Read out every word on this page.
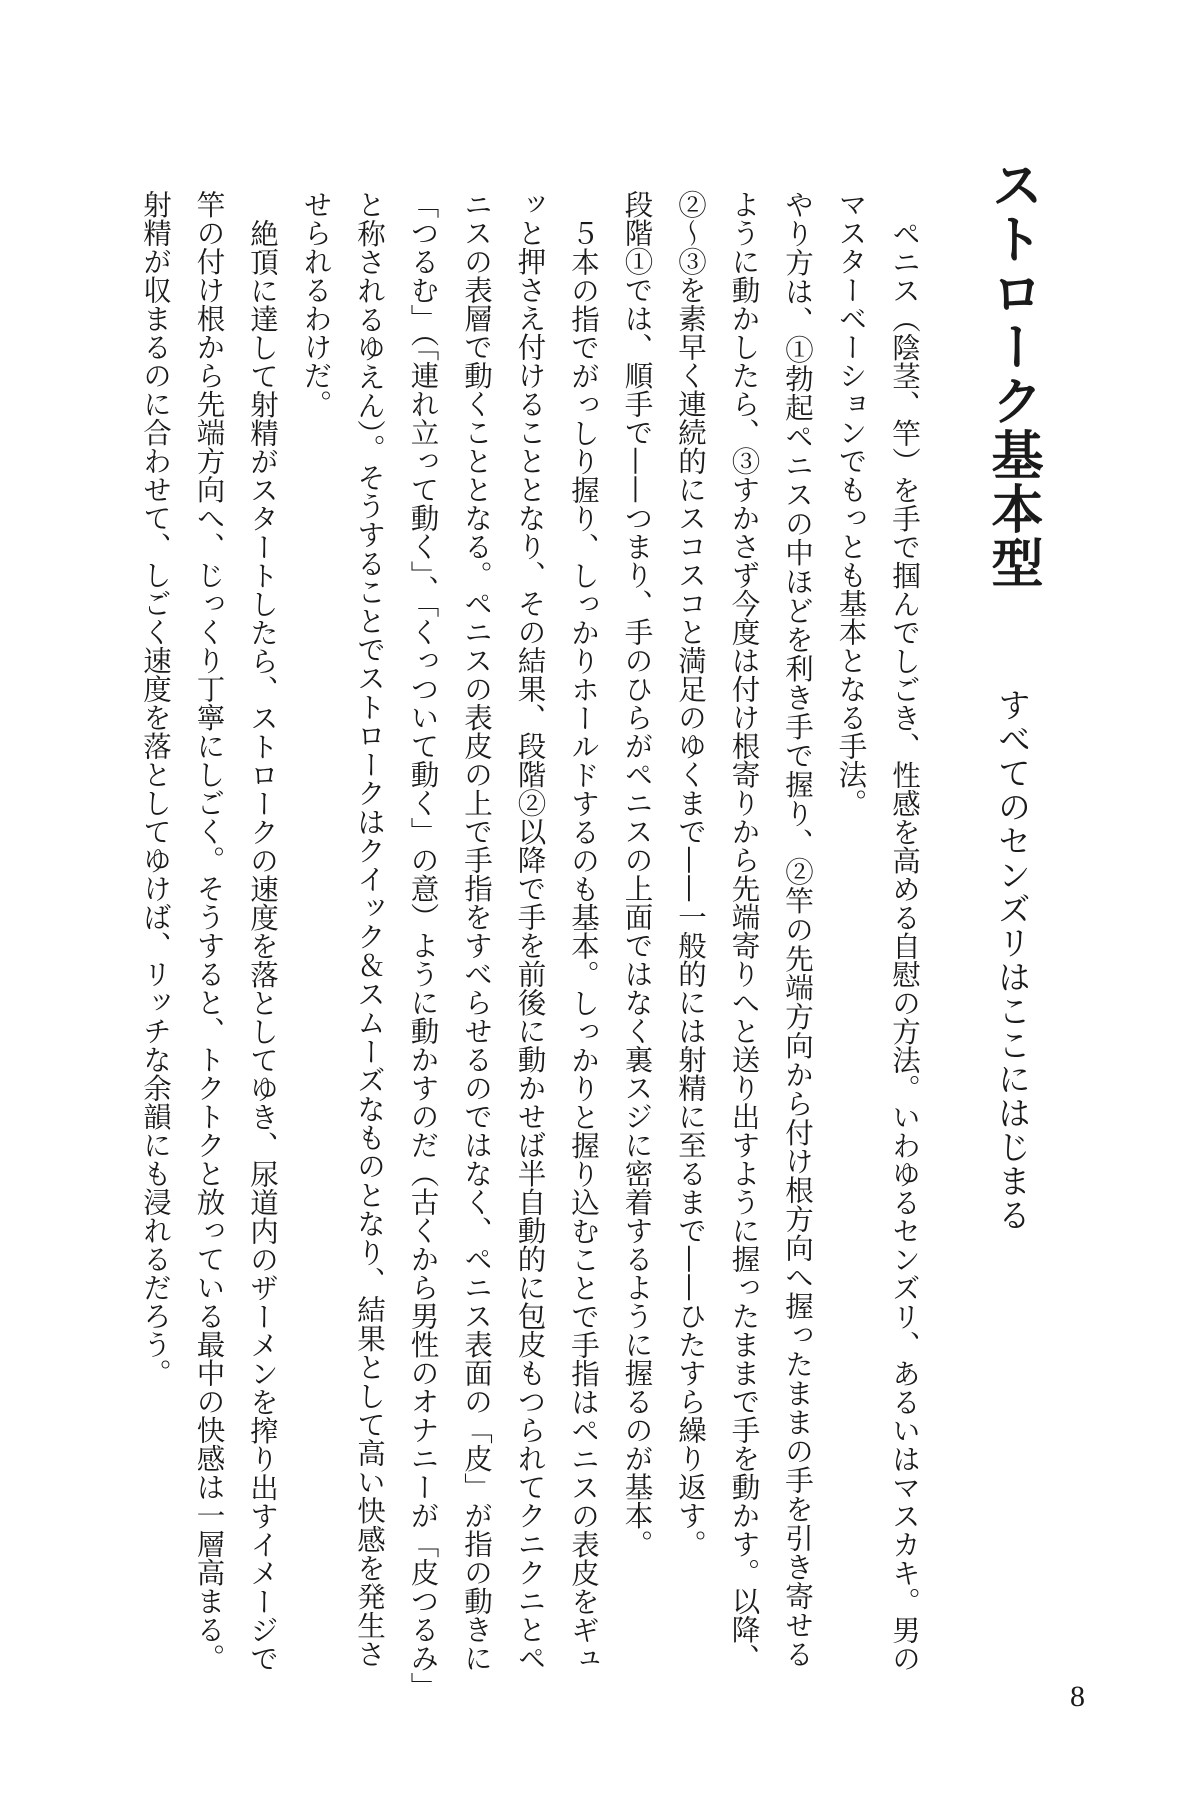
ストローク基本型
すべてのセンズリはここにはじまる
ペニス（陰茎、竿）を手で掴んでしごき、性感を高める自慰の方法。いわゆるセンズリ、あるいはマスカキ。男の
マスターベーションでもっとも基本となる手法。
やり方は、①勃起ペニスの中ほどを利き手で握り、②竿の先端方向から付け根方向へ握ったままの手を引き寄せる
ように動かしたら、③すかさず今度は付け根寄りから先端寄りへと送り出すように握ったままで手を動かす。以降、
②〜③を素早く連続的にスコスコと満足のゆくまで——一般的には射精に至るまで——ひたすら繰り返す。
段階①では、順手で——つまり、手のひらがペニスの上面ではなく裏スジに密着するように握るのが基本。
５本の指でがっしり握り、しっかりホールドするのも基本。しっかりと握り込むことで手指はペニスの表皮をギュ
ッと押さえ付けることとなり、その結果、段階②以降で手を前後に動かせば半自動的に包皮もつられてクニクニとペ
ニスの表層で動くこととなる。ペニスの表皮の上で手指をすべらせるのではなく、ペニス表面の「皮」が指の動きに
「つるむ」（「連れ立って動く」、「くっついて動く」の意）ように動かすのだ（古くから男性のオナニーが「皮つるみ」
と称されるゆえん）。そうすることでストロークはクイック＆スムーズなものとなり、結果として高い快感を発生さ
せられるわけだ。
絶頂に達して射精がスタートしたら、ストロークの速度を落としてゆき、尿道内のザーメンを搾り出すイメージで
竿の付け根から先端方向へ、じっくり丁寧にしごく。そうすると、トクトクと放っている最中の快感は一層高まる。
射精が収まるのに合わせて、しごく速度を落としてゆけば、リッチな余韻にも浸れるだろう。
8
